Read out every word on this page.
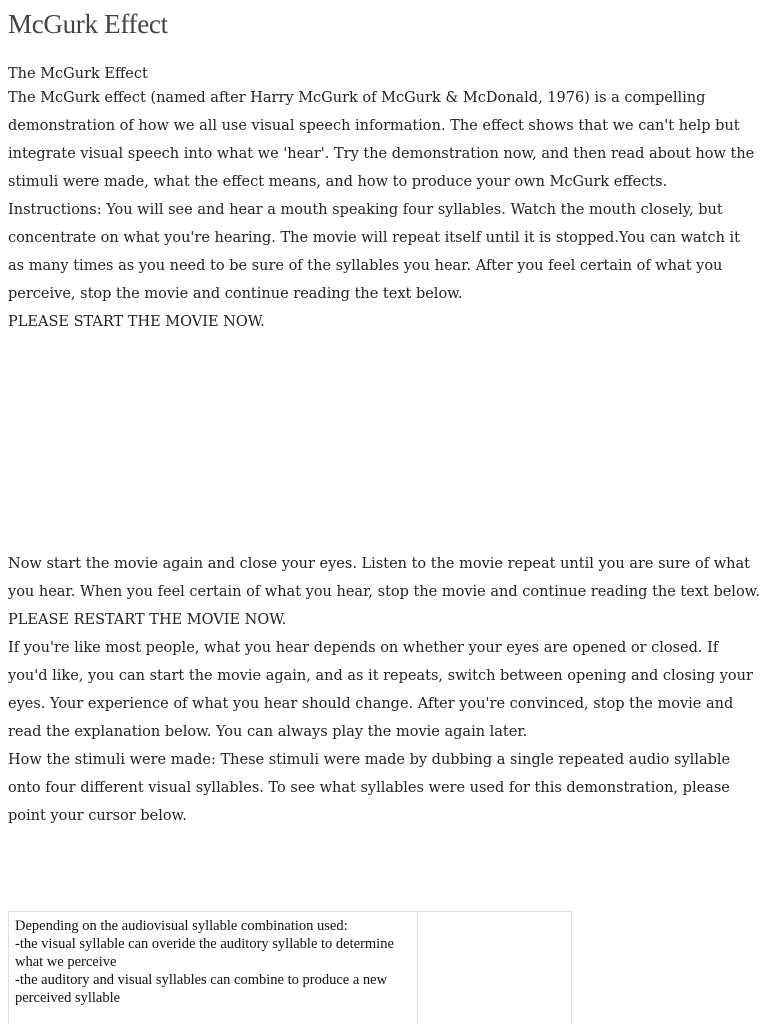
McGurk Effect
The McGurk Effect

The McGurk effect (named after Harry McGurk of McGurk & McDonald, 1976) is a compelling demonstration of how we all use visual speech information. The effect shows that we can't help but integrate visual speech into what we 'hear'. Try the demonstration now, and then read about how the stimuli were made, what the effect means, and how to produce your own McGurk effects.

Instructions: You will see and hear a mouth speaking four syllables. Watch the mouth closely, but concentrate on what you're hearing. The movie will repeat itself until it is stopped.You can watch it as many times as you need to be sure of the syllables you hear. After you feel certain of what you perceive, stop the movie and continue reading the text below.
PLEASE START THE MOVIE NOW.

Now start the movie again and close your eyes. Listen to the movie repeat until you are sure of what you hear. When you feel certain of what you hear, stop the movie and continue reading the text below.
PLEASE RESTART THE MOVIE NOW.

If you're like most people, what you hear depends on whether your eyes are opened or closed. If you'd like, you can start the movie again, and as it repeats, switch between opening and closing your eyes. Your experience of what you hear should change. After you're convinced, stop the movie and read the explanation below. You can always play the movie again later.

How the stimuli were made: These stimuli were made by dubbing a single repeated audio syllable onto four different visual syllables. To see what syllables were used for this demonstration, please point your cursor below.

Depending on the audiovisual syllable combination used:
-the visual syllable can overide the auditory syllable to determine what we perceive
-the auditory and visual syllables can combine to produce a new perceived syllable
